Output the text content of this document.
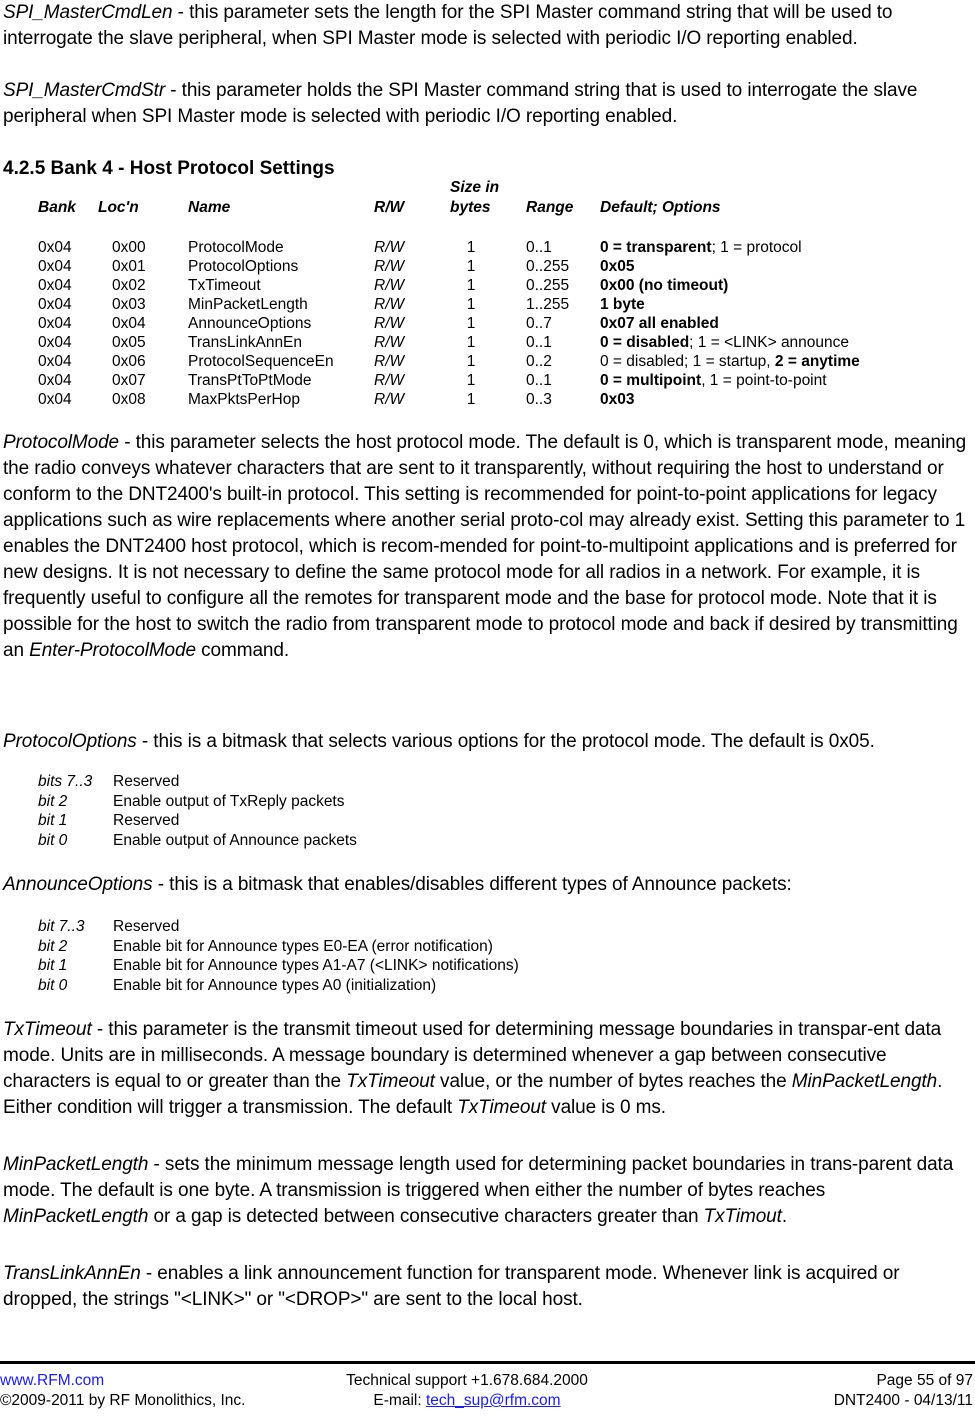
SPI_MasterCmdLen - this parameter sets the length for the SPI Master command string that will be used to interrogate the slave peripheral, when SPI Master mode is selected with periodic I/O reporting enabled.

SPI_MasterCmdStr - this parameter holds the SPI Master command string that is used to interrogate the slave peripheral when SPI Master mode is selected with periodic I/O reporting enabled.

4.2.5 Bank 4 - Host Protocol Settings
Size in
Bank Loc'n	Name	R/W	bytes Range Default; Options
0x04	0x00	ProtocolMode	R/W	1	0..1	0 = transparent; 1 = protocol
0x04	0x01	ProtocolOptions	R/W	1	0..255 0x05
0x04	0x02	TxTimeout	R/W	1	0..255 0x00 (no timeout)
0x04	0x03	MinPacketLength	R/W	1	1..255 1 byte
0x04	0x04	AnnounceOptions	R/W	1	0..7	0x07 all enabled
0x04	0x05	TransLinkAnnEn	R/W	1	0..1	0 = disabled; 1 = <LINK> announce
0x04	0x06	ProtocolSequenceEn	R/W	1	0..2	0 = disabled; 1 = startup, 2 = anytime
0x04	0x07	TransPtToPtMode	R/W	1	0..1	0 = multipoint, 1 = point-to-point
0x04	0x08	MaxPktsPerHop	R/W	1	0..3	0x03

ProtocolMode - this parameter selects the host protocol mode. The default is 0, which is transparent mode, meaning the radio conveys whatever characters that are sent to it transparently, without requiring the host to understand or conform to the DNT2400's built-in protocol. This setting is recommended for point-to-point applications for legacy applications such as wire replacements where another serial proto-col may already exist. Setting this parameter to 1 enables the DNT2400 host protocol, which is recom-mended for point-to-multipoint applications and is preferred for new designs. It is not necessary to define the same protocol mode for all radios in a network. For example, it is frequently useful to configure all the remotes for transparent mode and the base for protocol mode. Note that it is possible for the host to switch the radio from transparent mode to protocol mode and back if desired by transmitting an Enter-ProtocolMode command.

ProtocolOptions - this is a bitmask that selects various options for the protocol mode. The default is 0x05.

bits 7..3 Reserved
bit 2	Enable output of TxReply packets
bit 1	Reserved
bit 0	Enable output of Announce packets

AnnounceOptions - this is a bitmask that enables/disables different types of Announce packets:

bit 7..3 Reserved
bit 2	Enable bit for Announce types E0-EA (error notification)
bit 1	Enable bit for Announce types A1-A7 (<LINK> notifications)
bit 0	Enable bit for Announce types A0 (initialization)

TxTimeout - this parameter is the transmit timeout used for determining message boundaries in transpar-ent data mode. Units are in milliseconds. A message boundary is determined whenever a gap between consecutive characters is equal to or greater than the TxTimeout value, or the number of bytes reaches the MinPacketLength. Either condition will trigger a transmission. The default TxTimeout value is 0 ms.

MinPacketLength - sets the minimum message length used for determining packet boundaries in trans-parent data mode. The default is one byte. A transmission is triggered when either the number of bytes reaches MinPacketLength or a gap is detected between consecutive characters greater than TxTimout.

TransLinkAnnEn - enables a link announcement function for transparent mode. Whenever link is acquired or dropped, the strings "<LINK>" or "<DROP>" are sent to the local host.

www.RFM.com
©2009-2011 by RF Monolithics, Inc.
Technical support +1.678.684.2000
E-mail: tech_sup@rfm.com
Page 55 of 97
DNT2400 - 04/13/11
